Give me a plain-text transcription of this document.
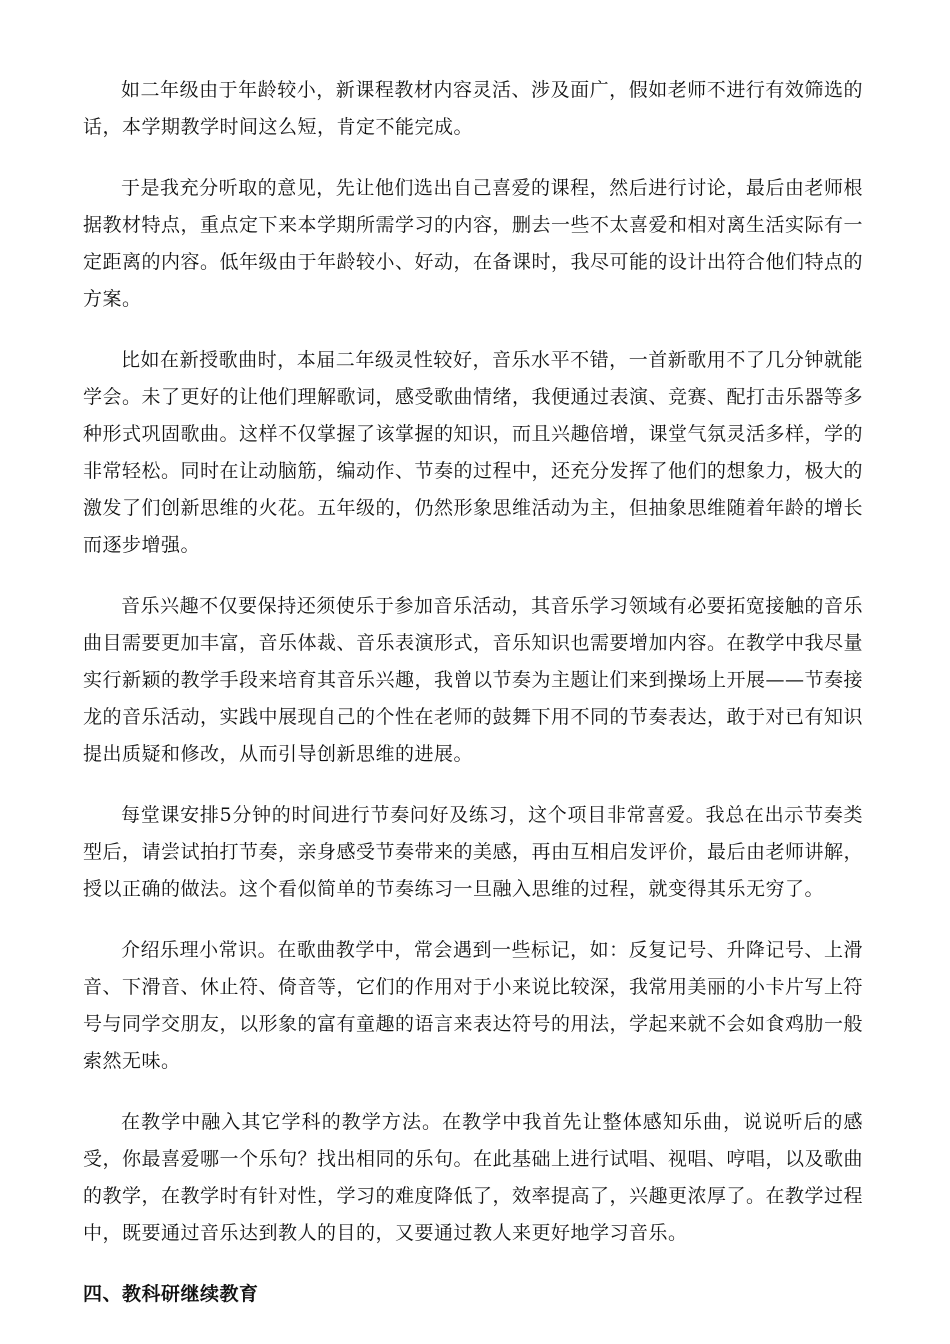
如二年级由于年龄较小，新课程教材内容灵活、涉及面广，假如老师不进行有效筛选的话，本学期教学时间这么短，肯定不能完成。

于是我充分听取的意见，先让他们选出自己喜爱的课程，然后进行讨论，最后由老师根据教材特点，重点定下来本学期所需学习的内容，删去一些不太喜爱和相对离生活实际有一定距离的内容。低年级由于年龄较小、好动，在备课时，我尽可能的设计出符合他们特点的方案。

比如在新授歌曲时，本届二年级灵性较好，音乐水平不错，一首新歌用不了几分钟就能学会。未了更好的让他们理解歌词，感受歌曲情绪，我便通过表演、竞赛、配打击乐器等多种形式巩固歌曲。这样不仅掌握了该掌握的知识，而且兴趣倍增，课堂气氛灵活多样，学的非常轻松。同时在让动脑筋，编动作、节奏的过程中，还充分发挥了他们的想象力，极大的激发了们创新思维的火花。五年级的，仍然形象思维活动为主，但抽象思维随着年龄的增长而逐步增强。

音乐兴趣不仅要保持还须使乐于参加音乐活动，其音乐学习领域有必要拓宽接触的音乐曲目需要更加丰富，音乐体裁、音乐表演形式，音乐知识也需要增加内容。在教学中我尽量实行新颖的教学手段来培育其音乐兴趣，我曾以节奏为主题让们来到操场上开展——节奏接龙的音乐活动，实践中展现自己的个性在老师的鼓舞下用不同的节奏表达，敢于对已有知识提出质疑和修改，从而引导创新思维的进展。

每堂课安排5分钟的时间进行节奏问好及练习，这个项目非常喜爱。我总在出示节奏类型后，请尝试拍打节奏，亲身感受节奏带来的美感，再由互相启发评价，最后由老师讲解，授以正确的做法。这个看似简单的节奏练习一旦融入思维的过程，就变得其乐无穷了。

介绍乐理小常识。在歌曲教学中，常会遇到一些标记，如：反复记号、升降记号、上滑音、下滑音、休止符、倚音等，它们的作用对于小来说比较深，我常用美丽的小卡片写上符号与同学交朋友，以形象的富有童趣的语言来表达符号的用法，学起来就不会如食鸡肋一般索然无味。

在教学中融入其它学科的教学方法。在教学中我首先让整体感知乐曲，说说听后的感受，你最喜爱哪一个乐句？找出相同的乐句。在此基础上进行试唱、视唱、哼唱，以及歌曲的教学，在教学时有针对性，学习的难度降低了，效率提高了，兴趣更浓厚了。在教学过程中，既要通过音乐达到教人的目的，又要通过教人来更好地学习音乐。

四、教科研继续教育
